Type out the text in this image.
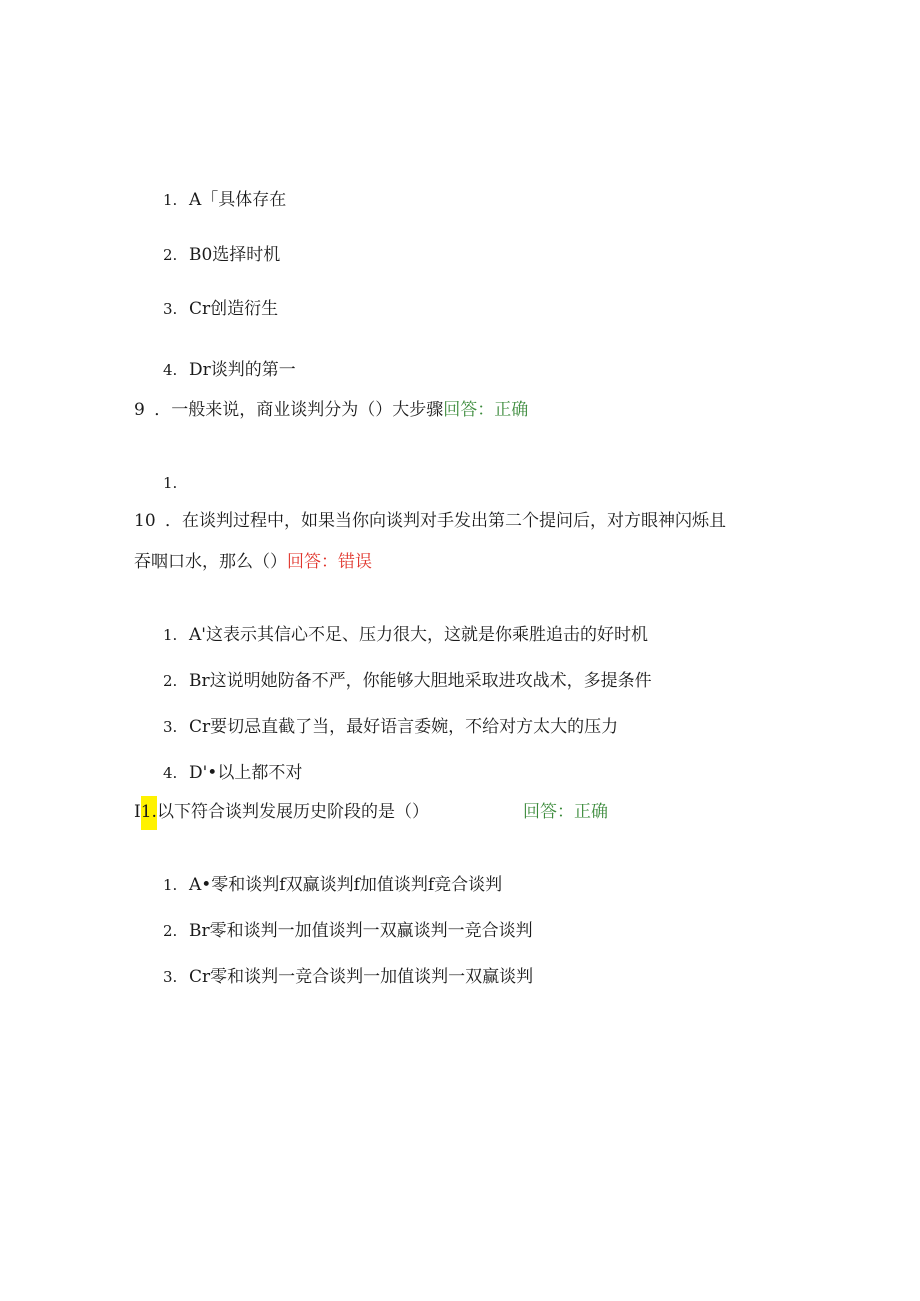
1. A「具体存在
2. B0选择时机
3. Cr创造衍生
4. Dr谈判的第一
9 ．一般来说，商业谈判分为（）大步骤回答：正确
1.
10 ．在谈判过程中，如果当你向谈判对手发出第二个提问后，对方眼神闪烁且
吞咽口水，那么（）回答：错误
1. A'这表示其信心不足、压力很大，这就是你乘胜追击的好时机
2. Br这说明她防备不严，你能够大胆地采取进攻战术，多提条件
3. Cr要切忌直截了当，最好语言委婉，不给对方太大的压力
4. D'•以上都不对
I1.以下符合谈判发展历史阶段的是（）	回答：正确
1. A•零和谈判f双赢谈判f加值谈判f竞合谈判
2. Br零和谈判一加值谈判一双赢谈判一竞合谈判
3. Cr零和谈判一竞合谈判一加值谈判一双赢谈判
